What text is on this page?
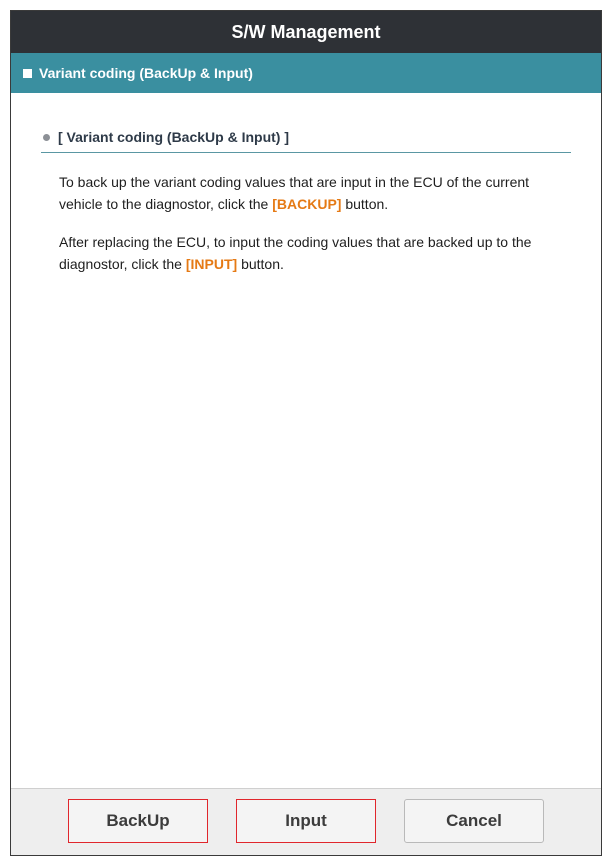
S/W Management
Variant coding (BackUp & Input)
[ Variant coding (BackUp & Input) ]

To back up the variant coding values that are input in the ECU of the current vehicle to the diagnostor, click the [BACKUP] button.

After replacing the ECU, to input the coding values that are backed up to the diagnostor, click the [INPUT] button.

BackUp	Input	Cancel
